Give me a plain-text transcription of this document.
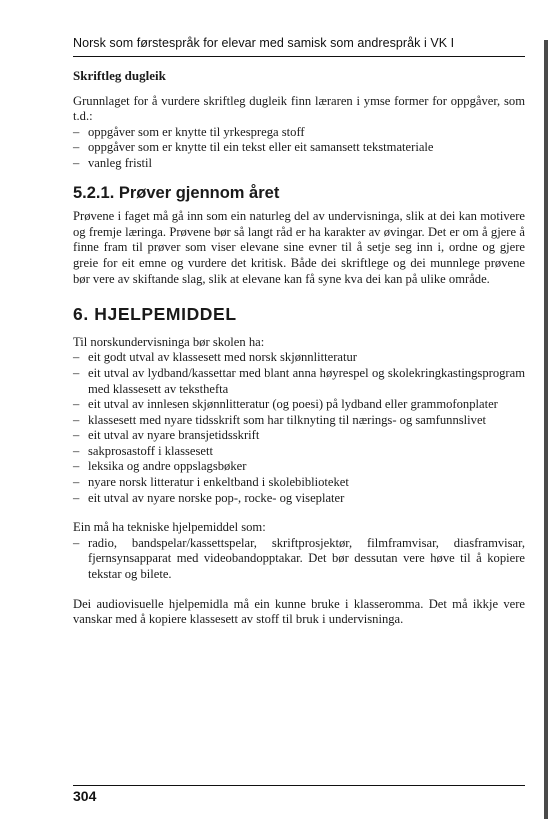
Norsk som førstespråk for elevar med samisk som andrespråk i VK I
Skriftleg dugleik

Grunnlaget for å vurdere skriftleg dugleik finn læraren i ymse former for oppgåver, som t.d.:

– oppgåver som er knytte til yrkesprega stoff
– oppgåver som er knytte til ein tekst eller eit samansett tekstmateriale
– vanleg fristil
5.2.1. Prøver gjennom året

Prøvene i faget må gå inn som ein naturleg del av undervisninga, slik at dei kan motivere og fremje læringa. Prøvene bør så langt råd er ha karakter av øvingar. Det er om å gjere å finne fram til prøver som viser elevane sine evner til å setje seg inn i, ordne og gjere greie for eit emne og vurdere det kritisk. Både dei skriftlege og dei munnlege prøvene bør vere av skiftande slag, slik at elevane kan få syne kva dei kan på ulike område.

6. HJELPEMIDDEL

Til norskundervisninga bør skolen ha:

– eit godt utval av klassesett med norsk skjønnlitteratur
– eit utval av lydband/kassettar med blant anna høyrespel og skolekringkastingsprogram med klassesett av teksthefta
– eit utval av innlesen skjønnlitteratur (og poesi) på lydband eller grammofonplater
– klassesett med nyare tidsskrift som har tilknyting til nærings- og samfunnslivet
– eit utval av nyare bransjetidsskrift
– sakprosastoff i klassesett
– leksika og andre oppslagsbøker
– nyare norsk litteratur i enkeltband i skolebiblioteket
– eit utval av nyare norske pop-, rocke- og viseplater

Ein må ha tekniske hjelpemiddel som:

– radio, bandspelar/kassettspelar, skriftprosjektør, filmframvisar, diasframvisar, fjernsynsapparat med videobandopptakar. Det bør dessutan vere høve til å kopiere tekstar og bilete.

Dei audiovisuelle hjelpemidla må ein kunne bruke i klasseromma. Det må ikkje vere vanskar med å kopiere klassesett av stoff til bruk i undervisninga.

304
